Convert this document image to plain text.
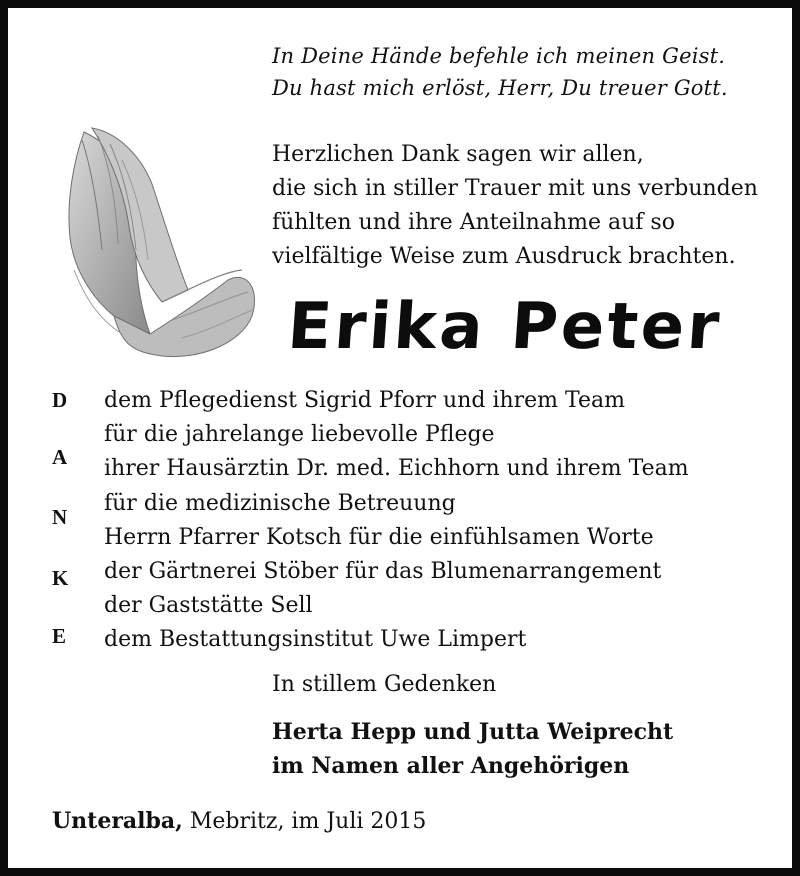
In Deine Hände befehle ich meinen Geist.
Du hast mich erlöst, Herr, Du treuer Gott.
Herzlichen Dank sagen wir allen,
die sich in stiller Trauer mit uns verbunden
fühlten und ihre Anteilnahme auf so
vielfältige Weise zum Ausdruck brachten.
Erika Peter
D
A
N
K
E
dem Pflegedienst Sigrid Pforr und ihrem Team
für die jahrelange liebevolle Pflege
ihrer Hausärztin Dr. med. Eichhorn und ihrem Team
für die medizinische Betreuung
Herrn Pfarrer Kotsch für die einfühlsamen Worte
der Gärtnerei Stöber für das Blumenarrangement
der Gaststätte Sell
dem Bestattungsinstitut Uwe Limpert
In stillem Gedenken
Herta Hepp und Jutta Weiprecht
im Namen aller Angehörigen
Unteralba, Mebritz, im Juli 2015
